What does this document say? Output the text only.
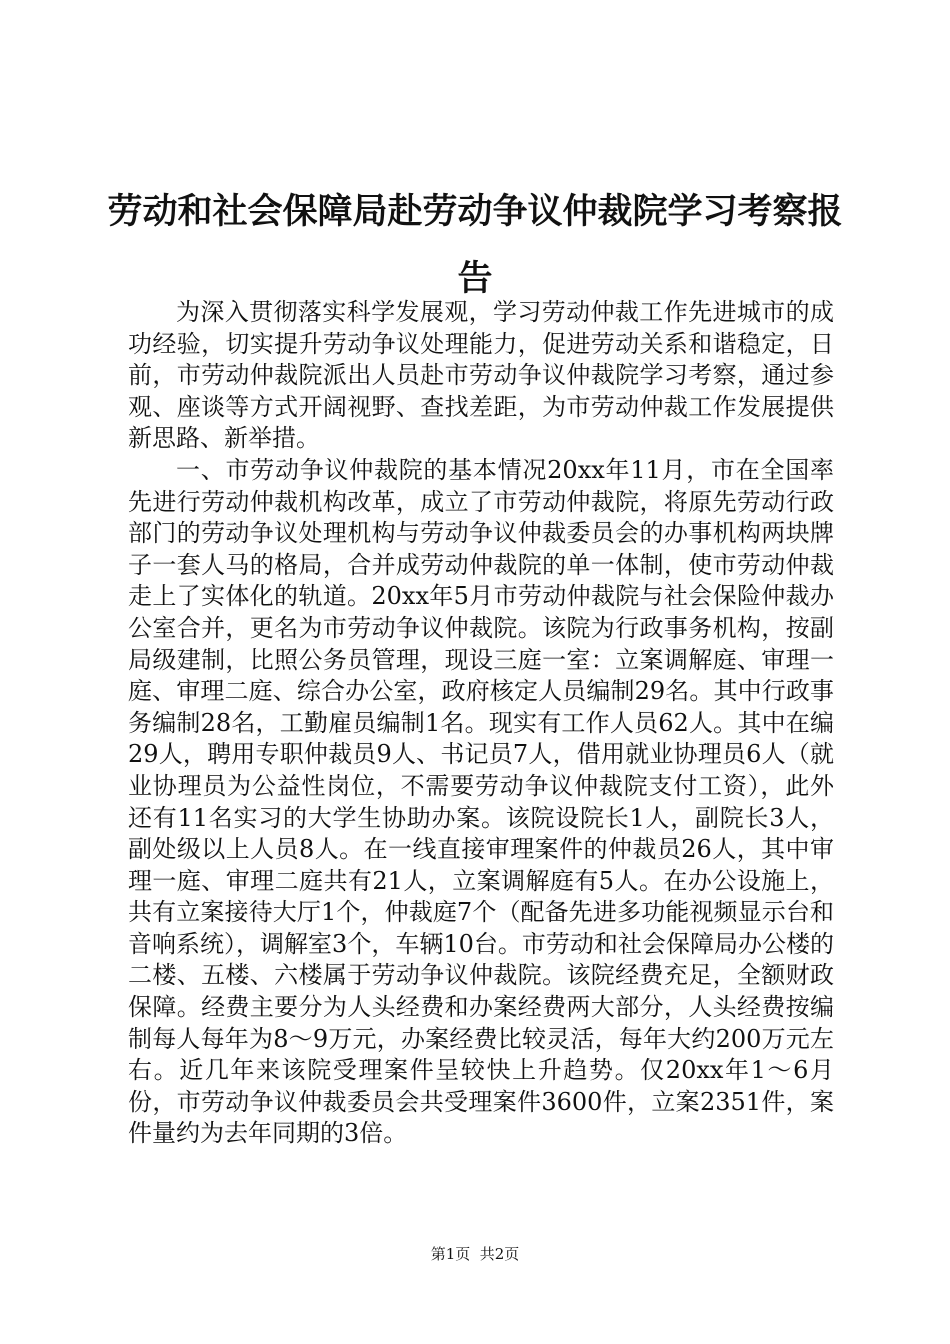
劳动和社会保障局赴劳动争议仲裁院学习考察报告

为深入贯彻落实科学发展观，学习劳动仲裁工作先进城市的成功经验，切实提升劳动争议处理能力，促进劳动关系和谐稳定，日前，市劳动仲裁院派出人员赴市劳动争议仲裁院学习考察，通过参观、座谈等方式开阔视野、查找差距，为市劳动仲裁工作发展提供新思路、新举措。

一、市劳动争议仲裁院的基本情况20xx年11月，市在全国率先进行劳动仲裁机构改革，成立了市劳动仲裁院，将原先劳动行政部门的劳动争议处理机构与劳动争议仲裁委员会的办事机构两块牌子一套人马的格局，合并成劳动仲裁院的单一体制，使市劳动仲裁走上了实体化的轨道。20xx年5月市劳动仲裁院与社会保险仲裁办公室合并，更名为市劳动争议仲裁院。该院为行政事务机构，按副局级建制，比照公务员管理，现设三庭一室：立案调解庭、审理一庭、审理二庭、综合办公室，政府核定人员编制29名。其中行政事务编制28名，工勤雇员编制1名。现实有工作人员62人。其中在编29人，聘用专职仲裁员9人、书记员7人，借用就业协理员6人（就业协理员为公益性岗位，不需要劳动争议仲裁院支付工资），此外还有11名实习的大学生协助办案。该院设院长1人，副院长3人，副处级以上人员8人。在一线直接审理案件的仲裁员26人，其中审理一庭、审理二庭共有21人，立案调解庭有5人。在办公设施上，共有立案接待大厅1个，仲裁庭7个（配备先进多功能视频显示台和音响系统），调解室3个，车辆10台。市劳动和社会保障局办公楼的二楼、五楼、六楼属于劳动争议仲裁院。该院经费充足，全额财政保障。经费主要分为人头经费和办案经费两大部分，人头经费按编制每人每年为8～9万元，办案经费比较灵活，每年大约200万元左右。近几年来该院受理案件呈较快上升趋势。仅20xx年1～6月份，市劳动争议仲裁委员会共受理案件3600件，立案2351件，案件量约为去年同期的3倍。

第1页  共2页
